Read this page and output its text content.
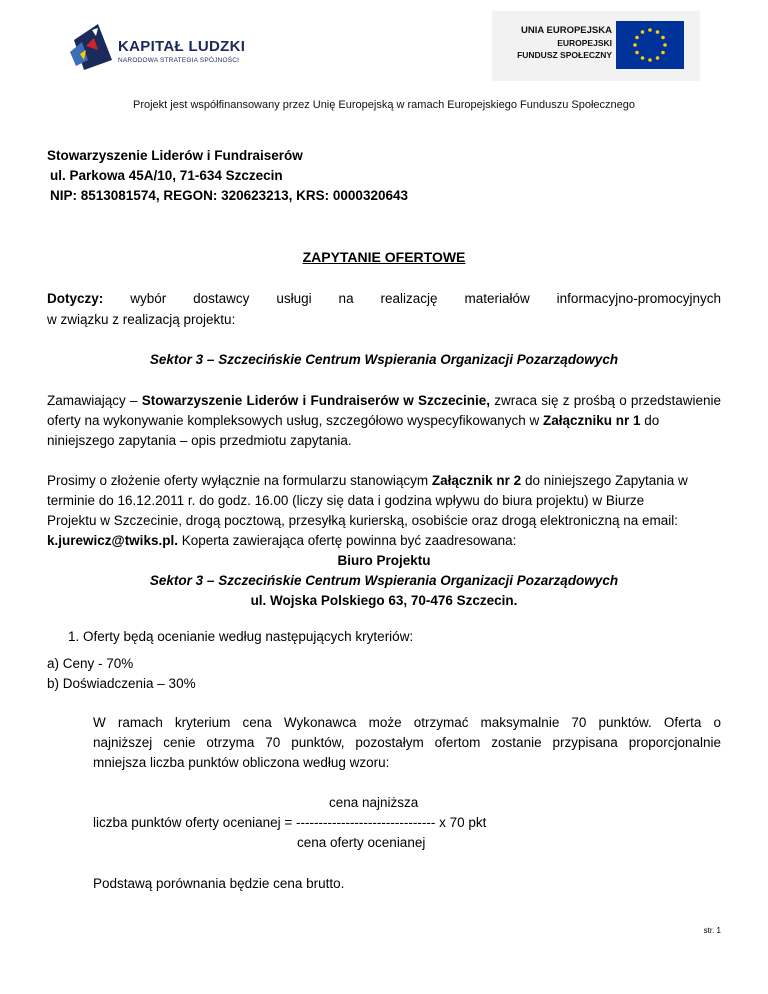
KAPITAŁ LUDZKI
NARODOWA STRATEGIA SPÓJNOŚCI
UNIA EUROPEJSKA
EUROPEJSKI
FUNDUSZ SPOŁECZNY
Projekt jest współfinansowany przez Unię Europejską w ramach Europejskiego Funduszu Społecznego
Stowarzyszenie Liderów i Fundraiserów
ul. Parkowa 45A/10, 71-634 Szczecin
NIP: 8513081574, REGON: 320623213, KRS: 0000320643
ZAPYTANIE OFERTOWE
Dotyczy: wybór dostawcy usługi na realizację materiałów informacyjno-promocyjnych
w związku z realizacją projektu:
Sektor 3 – Szczecińskie Centrum Wspierania Organizacji Pozarządowych
Zamawiający – Stowarzyszenie Liderów i Fundraiserów w Szczecinie, zwraca się z prośbą o przedstawienie
oferty na wykonywanie kompleksowych usług, szczegółowo wyspecyfikowanych w Załączniku nr 1 do
niniejszego zapytania – opis przedmiotu zapytania.
Prosimy o złożenie oferty wyłącznie na formularzu stanowiącym Załącznik nr 2 do niniejszego Zapytania w
terminie do 16.12.2011 r. do godz. 16.00 (liczy się data i godzina wpływu do biura projektu) w Biurze
Projektu w Szczecinie, drogą pocztową, przesyłką kurierską, osobiście oraz drogą elektroniczną na email:
k.jurewicz@twiks.pl. Koperta zawierająca ofertę powinna być zaadresowana:
Biuro Projektu
Sektor 3 – Szczecińskie Centrum Wspierania Organizacji Pozarządowych
ul. Wojska Polskiego 63, 70-476 Szczecin.
1. Oferty będą ocenianie według następujących kryteriów:
a) Ceny - 70%
b) Doświadczenia – 30%
W ramach kryterium cena Wykonawca może otrzymać maksymalnie 70 punktów. Oferta o
najniższej cenie otrzyma 70 punktów, pozostałym ofertom zostanie przypisana proporcjonalnie
mniejsza liczba punktów obliczona według wzoru:
cena najniższa
liczba punktów oferty ocenianej = ------------------------------- x 70 pkt
cena oferty ocenianej
Podstawą porównania będzie cena brutto.
str. 1
